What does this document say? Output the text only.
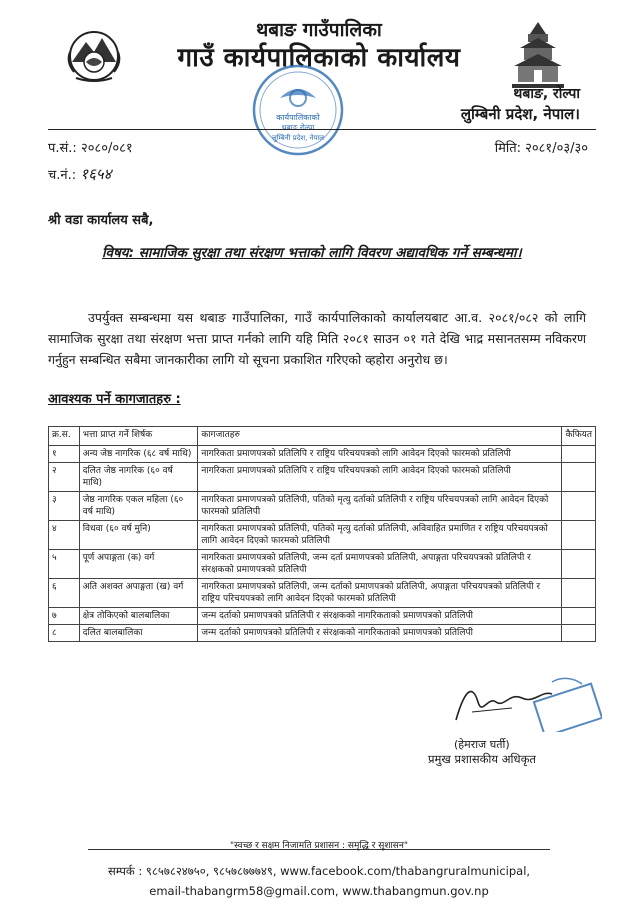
थबाङ गाउँपालिका
गाउँ कार्यपालिकाको कार्यालय
कार्यपालिकाको
थबाङ रोल्पा
लुम्बिनी प्रदेश, नेपाल
थबाङ, रोल्पा
लुम्बिनी प्रदेश, नेपाल।
प.सं.: २०८०/०८१	मिति: २०८१/०३/३०
च.नं.: १६५४
श्री वडा कार्यालय सबै,
विषय: सामाजिक सुरक्षा तथा संरक्षण भत्ताको लागि विवरण अद्यावधिक गर्ने सम्बन्धमा।
उपर्युक्त सम्बन्धमा यस थबाङ गाउँपालिका, गाउँ कार्यपालिकाको कार्यालयबाट आ.व. २०८१/०८२ को लागि सामाजिक सुरक्षा तथा संरक्षण भत्ता प्राप्त गर्नको लागि यहि मिति २०८१ साउन ०१ गते देखि भाद्र मसानतसम्म नविकरण गर्नुहुन सम्बन्धित सबैमा जानकारीका लागि यो सूचना प्रकाशित गरिएको व्हहोरा अनुरोध छ।
आवश्यक पर्ने कागजातहरु :
क्र.स.	भत्ता प्राप्त गर्ने शिर्षक	कागजातहरु	कैफियत
१	अन्य जेष्ठ नागरिक (६८ वर्ष माथि)	नागरिकता प्रमाणपत्रको प्रतिलिपि र राष्ट्रिय परिचयपत्रको लागि आवेदन दिएको फारमको प्रतिलिपी	
२	दलित जेष्ठ नागरिक (६० वर्ष माथि)	नागरिकता प्रमाणपत्रको प्रतिलिपि र राष्ट्रिय परिचयपत्रको लागि आवेदन दिएको फारमको प्रतिलिपी	
३	जेष्ठ नागरिक एकल महिला (६० वर्ष माथि)	नागरिकता प्रमाणपत्रको प्रतिलिपी, पतिको मृत्यु दर्ताको प्रतिलिपी र राष्ट्रिय परिचयपत्रको लागि आवेदन दिएको फारमको प्रतिलिपी	
४	विधवा (६० वर्ष मुनि)	नागरिकता प्रमाणपत्रको प्रतिलिपी, पतिको मृत्यु दर्ताको प्रतिलिपी, अविवाहित प्रमाणित र राष्ट्रिय परिचयपत्रको लागि आवेदन दिएको फारमको प्रतिलिपी	
५	पूर्ण अपाङ्गता (क) वर्ग	नागरिकता प्रमाणपत्रको प्रतिलिपी, जन्म दर्ता प्रमाणपत्रको प्रतिलिपी, अपाङ्गता परिचयपत्रको प्रतिलिपी र संरक्षकको प्रमाणपत्रको प्रतिलिपी	
६	अति अशक्त अपाङ्गता (ख) वर्ग	नागरिकता प्रमाणपत्रको प्रतिलिपी, जन्म दर्ताको प्रमाणपत्रको प्रतिलिपी, अपाङ्गता परिचयपत्रको प्रतिलिपी र राष्ट्रिय परिचयपत्रको लागि आवेदन दिएको फारमको प्रतिलिपी	
७	क्षेत्र तोकिएको बालबालिका	जन्म दर्ताको प्रमाणपत्रको प्रतिलिपी र संरक्षकको नागरिकताको प्रमाणपत्रको प्रतिलिपी	
८	दलित बालबालिका	जन्म दर्ताको प्रमाणपत्रको प्रतिलिपी र संरक्षकको नागरिकताको प्रमाणपत्रको प्रतिलिपी	
(हेमराज घर्ती)
प्रमुख प्रशासकीय अधिकृत
"स्वच्छ र सक्षम निजामति प्रशासन : समृद्धि र सुशासन"
सम्पर्क : ९८५७८२४७५०, ९८५७८७७७४९, www.facebook.com/thabangruralmunicipal,
email-thabangrm58@gmail.com, www.thabangmun.gov.np
